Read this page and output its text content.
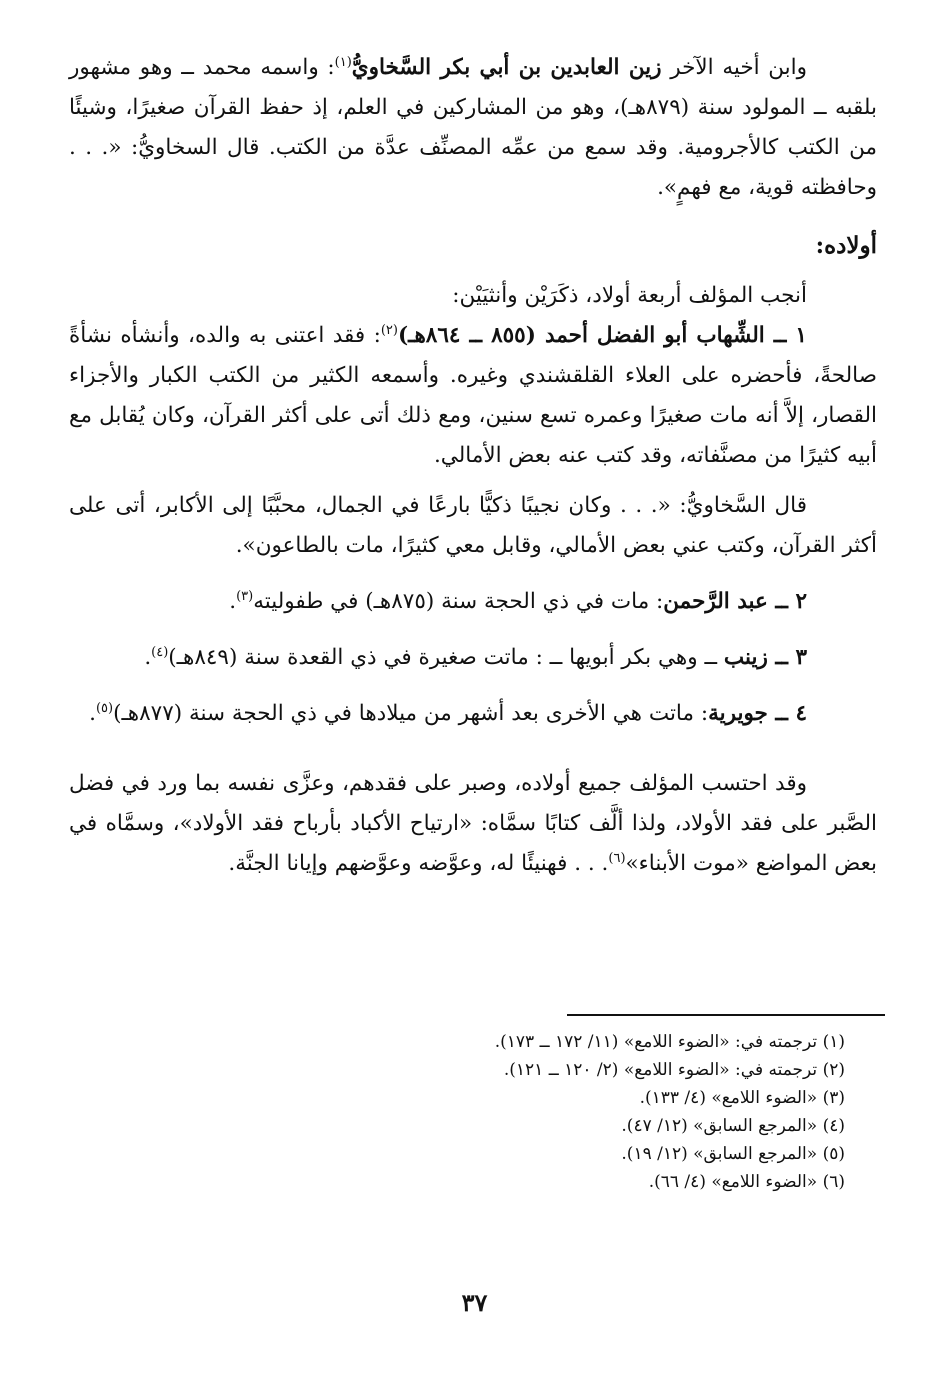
وابن أخيه الآخر زين العابدين بن أبي بكر السَّخاويُّ$^{(١)}$: واسمه محمد ــ وهو مشهور بلقبه ــ المولود سنة (٨٧٩هـ)، وهو من المشاركين في العلم، إذ حفظ القرآن صغيرًا، وشيئًا من الكتب كالأجرومية. وقد سمع من عمِّه المصنِّف عدَّة من الكتب. قال السخاويُّ: «. . . وحافظته قوية، مع فهمٍ».

أولاده:

أنجب المؤلف أربعة أولاد، ذكَرَيْن وأنثيَيْن:

١ ــ الشِّهاب أبو الفضل أحمد (٨٥٥ ــ ٨٦٤هـ)$^{(٢)}$: فقد اعتنى به والده، وأنشأه نشأةً صالحةً، فأحضره على العلاء القلقشندي وغيره. وأسمعه الكثير من الكتب الكبار والأجزاء القصار، إلاَّ أنه مات صغيرًا وعمره تسع سنين، ومع ذلك أتى على أكثر القرآن، وكان يُقابل مع أبيه كثيرًا من مصنَّفاته، وقد كتب عنه بعض الأمالي.

قال السَّخاويُّ: «. . . وكان نجيبًا ذكيًّا بارعًا في الجمال، محبَّبًا إلى الأكابر، أتى على أكثر القرآن، وكتب عني بعض الأمالي، وقابل معي كثيرًا، مات بالطاعون».

٢ ــ عبد الرَّحمن: مات في ذي الحجة سنة (٨٧٥هـ) في طفوليته$^{(٣)}$.

٣ ــ زينب ــ وهي بكر أبويها ــ : ماتت صغيرة في ذي القعدة سنة (٨٤٩هـ)$^{(٤)}$.

٤ ــ جويرية: ماتت هي الأخرى بعد أشهر من ميلادها في ذي الحجة سنة (٨٧٧هـ)$^{(٥)}$.

وقد احتسب المؤلف جميع أولاده، وصبر على فقدهم، وعزَّى نفسه بما ورد في فضل الصَّبر على فقد الأولاد، ولذا ألَّف كتابًا سمَّاه: «ارتياح الأكباد بأرباح فقد الأولاد»، وسمَّاه في بعض المواضع «موت الأبناء»$^{(٦)}$. . . فهنيئًا له، وعوَّضه وعوَّضهم وإيانا الجنَّة.

(١) ترجمته في: «الضوء اللامع» (١١/ ١٧٢ ــ ١٧٣).
(٢) ترجمته في: «الضوء اللامع» (٢/ ١٢٠ ــ ١٢١).
(٣) «الضوء اللامع» (٤/ ١٣٣).
(٤) «المرجع السابق» (١٢/ ٤٧).
(٥) «المرجع السابق» (١٢/ ١٩).
(٦) «الضوء اللامع» (٤/ ٦٦).
٣٧
